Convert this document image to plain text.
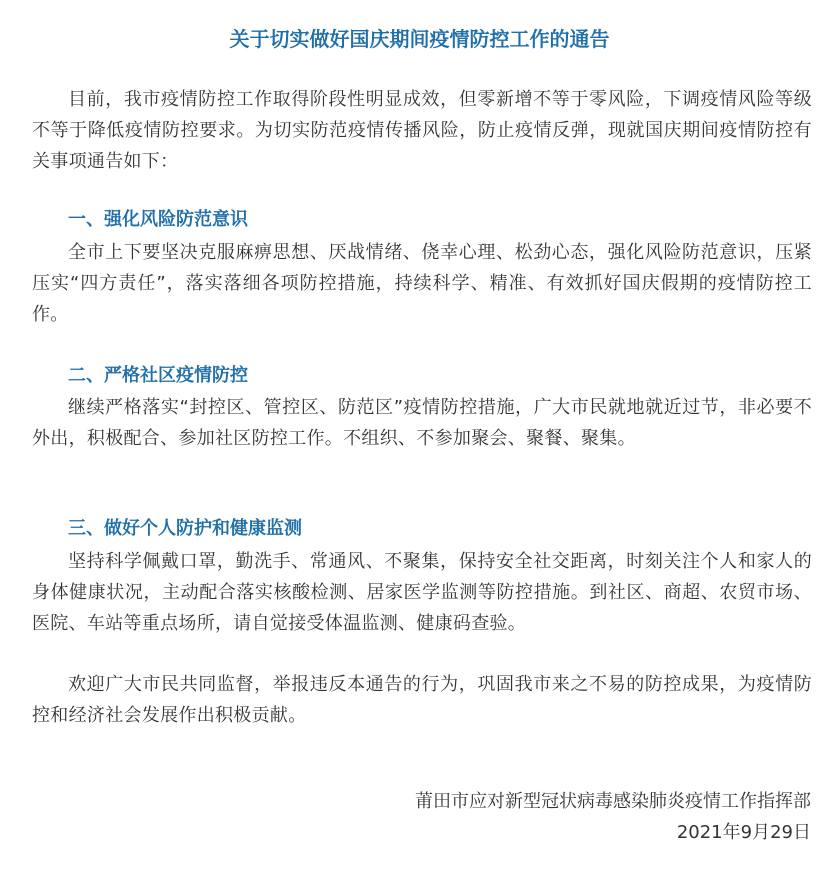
关于切实做好国庆期间疫情防控工作的通告

目前，我市疫情防控工作取得阶段性明显成效，但零新增不等于零风险，下调疫情风险等级不等于降低疫情防控要求。为切实防范疫情传播风险，防止疫情反弹，现就国庆期间疫情防控有关事项通告如下：

一、强化风险防范意识

全市上下要坚决克服麻痹思想、厌战情绪、侥幸心理、松劲心态，强化风险防范意识，压紧压实“四方责任”，落实落细各项防控措施，持续科学、精准、有效抓好国庆假期的疫情防控工作。

二、严格社区疫情防控

继续严格落实“封控区、管控区、防范区”疫情防控措施，广大市民就地就近过节，非必要不外出，积极配合、参加社区防控工作。不组织、不参加聚会、聚餐、聚集。

三、做好个人防护和健康监测

坚持科学佩戴口罩，勤洗手、常通风、不聚集，保持安全社交距离，时刻关注个人和家人的身体健康状况，主动配合落实核酸检测、居家医学监测等防控措施。到社区、商超、农贸市场、医院、车站等重点场所，请自觉接受体温监测、健康码查验。

欢迎广大市民共同监督，举报违反本通告的行为，巩固我市来之不易的防控成果，为疫情防控和经济社会发展作出积极贡献。

莆田市应对新型冠状病毒感染肺炎疫情工作指挥部

2021年9月29日
